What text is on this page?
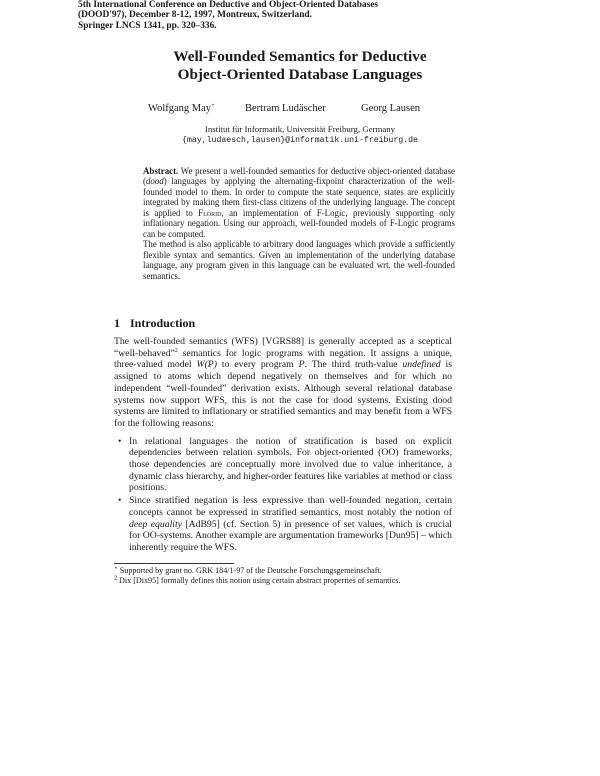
5th International Conference on Deductive and Object-Oriented Databases
(DOOD'97), December 8-12, 1997, Montreux, Switzerland.
Springer LNCS 1341, pp. 320–336.
Well-Founded Semantics for Deductive
Object-Oriented Database Languages
Wolfgang May⋆	Bertram Ludäscher	Georg Lausen
Institut für Informatik, Universität Freiburg, Germany
{may,ludaesch,lausen}@informatik.uni-freiburg.de

Abstract. We present a well-founded semantics for deductive object-oriented database (dood) languages by applying the alternating-fixpoint characterization of the well-founded model to them. In order to compute the state sequence, states are explicitly integrated by making them first-class citizens of the underlying language. The concept is applied to Florid, an implementation of F-Logic, previously supporting only inflationary negation. Using our approach, well-founded models of F-Logic programs can be computed.

The method is also applicable to arbitrary dood languages which provide a sufficiently flexible syntax and semantics. Given an implementation of the underlying database language, any program given in this language can be evaluated wrt. the well-founded semantics.

1 Introduction

The well-founded semantics (WFS) [VGRS88] is generally accepted as a sceptical “well-behaved”$^2$ semantics for logic programs with negation. It assigns a unique, three-valued model W(P) to every program P. The third truth-value undefined is assigned to atoms which depend negatively on themselves and for which no independent “well-founded” derivation exists. Although several relational database systems now support WFS, this is not the case for dood systems. Existing dood systems are limited to inflationary or stratified semantics and may benefit from a WFS for the following reasons:

• In relational languages the notion of stratification is based on explicit dependencies between relation symbols. For object-oriented (OO) frameworks, those dependencies are conceptually more involved due to value inheritance, a dynamic class hierarchy, and higher-order features like variables at method or class positions.
• Since stratified negation is less expressive than well-founded negation, certain concepts cannot be expressed in stratified semantics, most notably the notion of deep equality [AdB95] (cf. Section 5) in presence of set values, which is crucial for OO-systems. Another example are argumentation frameworks [Dun95] – which inherently require the WFS.

⋆ Supported by grant no. GRK 184/1-97 of the Deutsche Forschungsgemeinschaft.

$^2$ Dix [Dix95] formally defines this notion using certain abstract properties of semantics.
